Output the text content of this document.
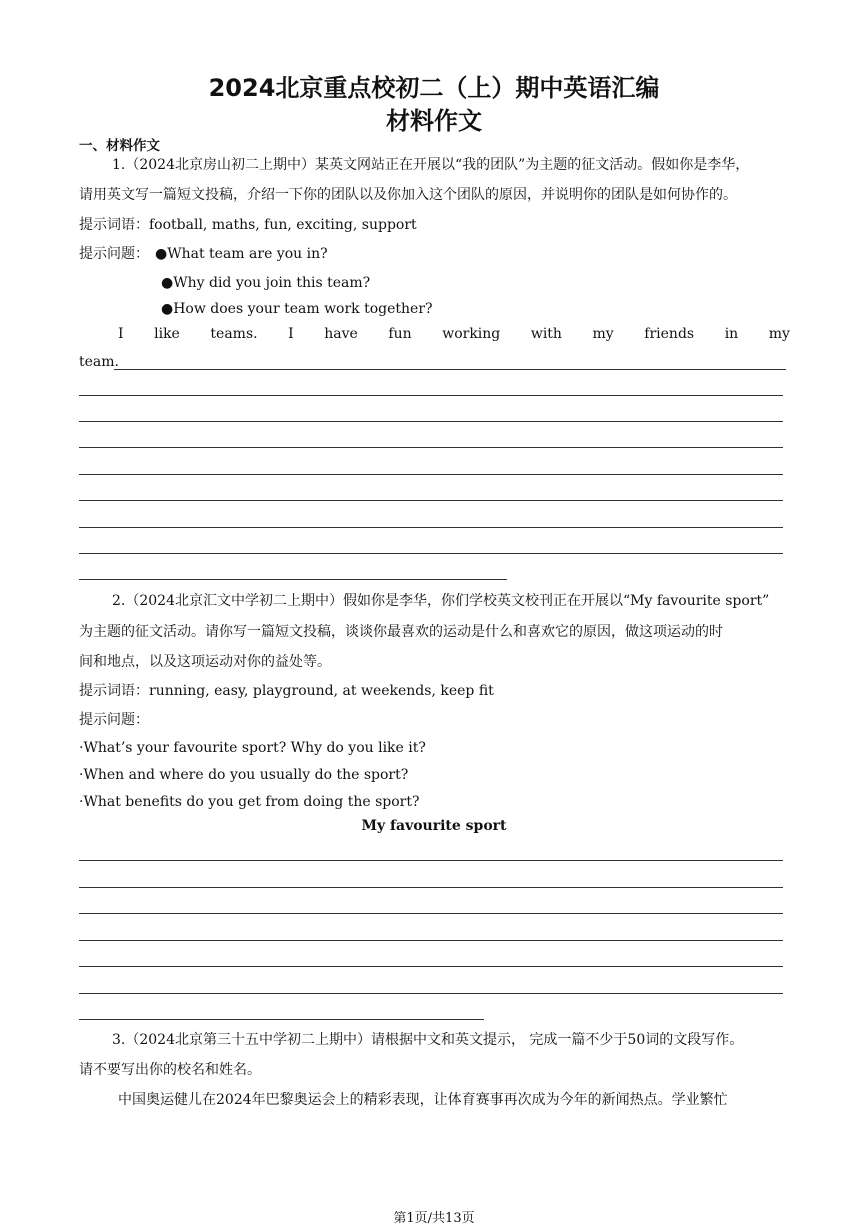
2024北京重点校初二（上）期中英语汇编
材料作文
一、材料作文
1.（2024北京房山初二上期中）某英文网站正在开展以“我的团队”为主题的征文活动。假如你是李华，
请用英文写一篇短文投稿，介绍一下你的团队以及你加入这个团队的原因，并说明你的团队是如何协作的。
提示词语：football, maths, fun, exciting, support
提示问题： ●What team are you in?
●Why did you join this team?
●How does your team work together?
I like teams. I have fun working with my friends in my
team.
2.（2024北京汇文中学初二上期中）假如你是李华，你们学校英文校刊正在开展以“My favourite sport”
为主题的征文活动。请你写一篇短文投稿，谈谈你最喜欢的运动是什么和喜欢它的原因，做这项运动的时
间和地点，以及这项运动对你的益处等。
提示词语：running, easy, playground, at weekends, keep fit
提示问题：
·What’s your favourite sport? Why do you like it?
·When and where do you usually do the sport?
·What benefits do you get from doing the sport?
My favourite sport
3.（2024北京第三十五中学初二上期中）请根据中文和英文提示， 完成一篇不少于50词的文段写作。
请不要写出你的校名和姓名。
中国奥运健儿在2024年巴黎奥运会上的精彩表现，让体育赛事再次成为今年的新闻热点。学业繁忙
第1页/共13页
